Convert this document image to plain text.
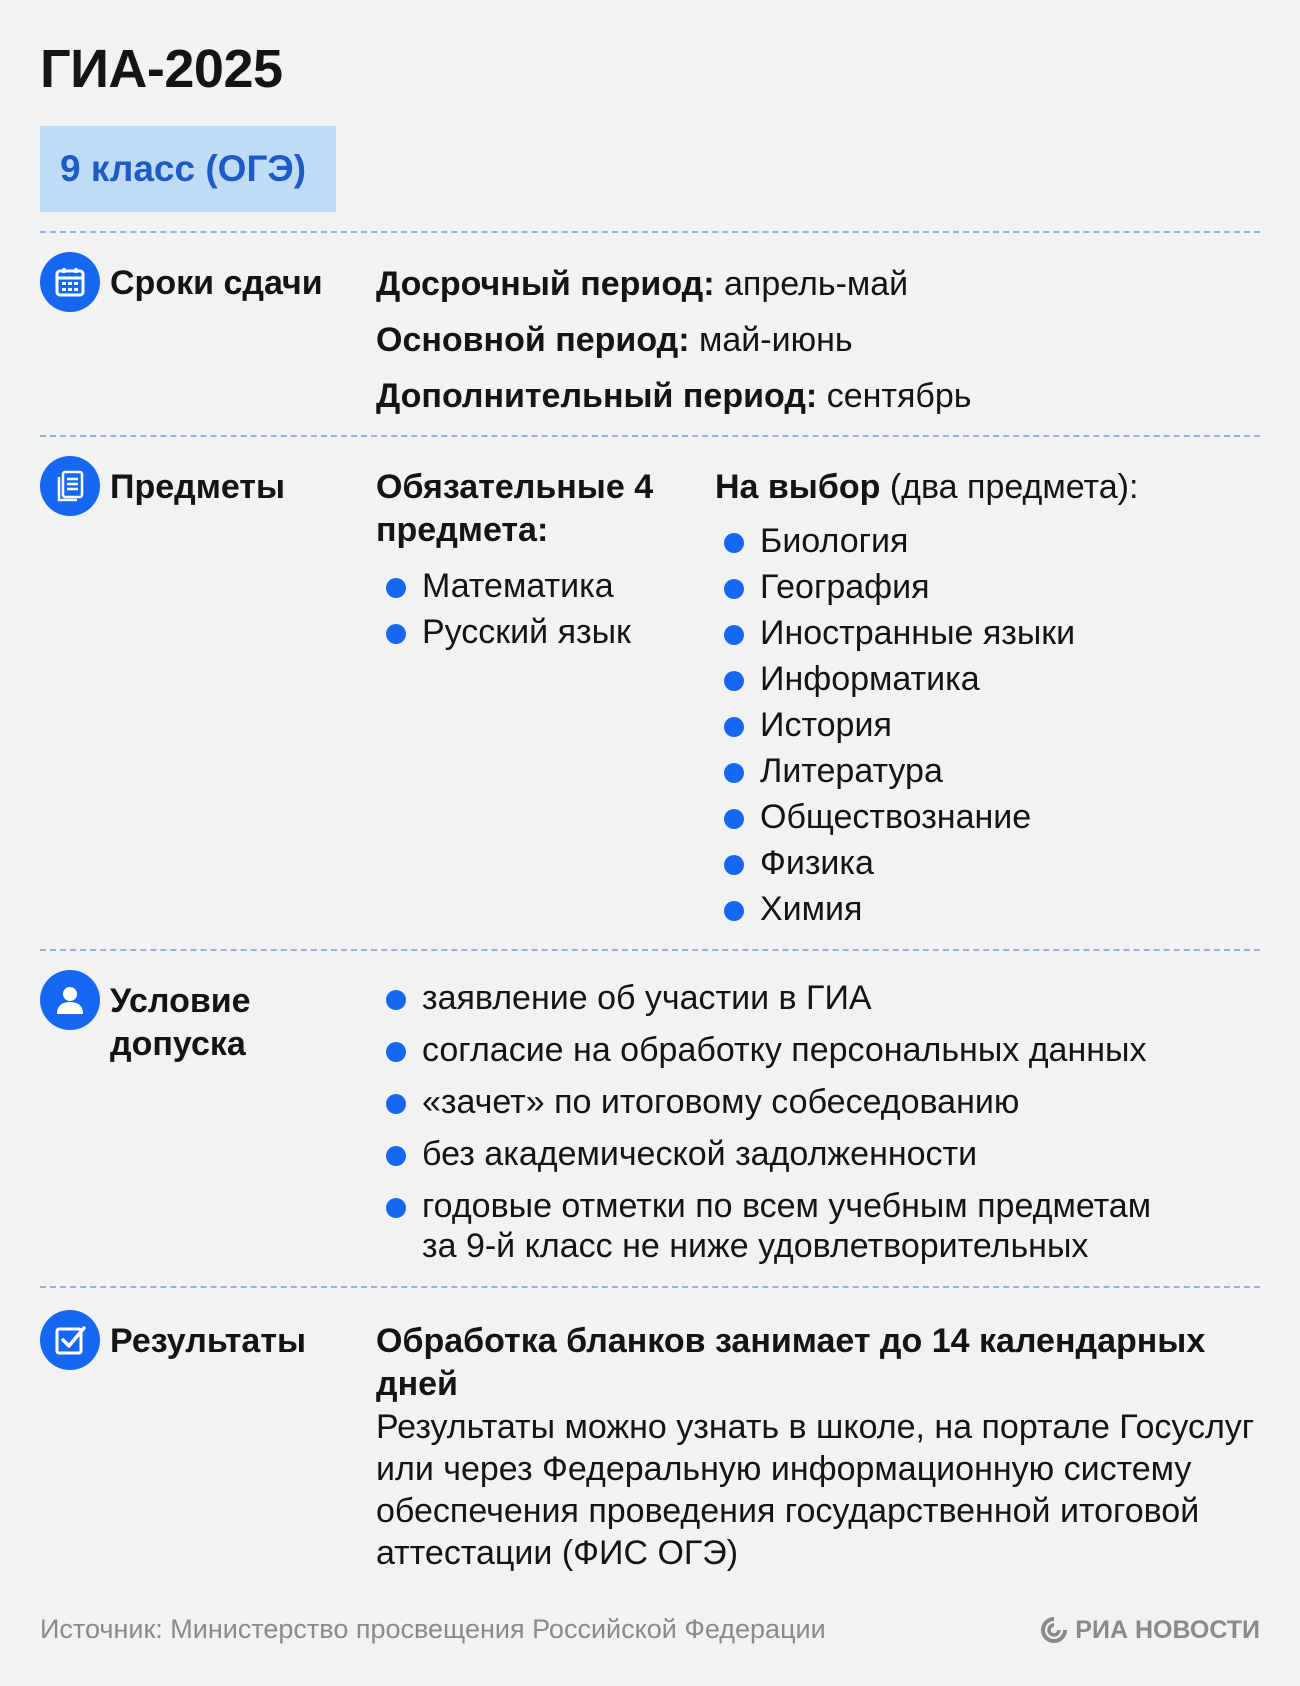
ГИА-2025
9 класс (ОГЭ)
Сроки сдачи	Досрочный период: апрель-май
Основной период: май-июнь
Дополнительный период: сентябрь
Предметы	Обязательные 4 предмета:
Математика
Русский язык
На выбор (два предмета):
Биология
География
Иностранные языки
Информатика
История
Литература
Обществознание
Физика
Химия
Условие допуска
заявление об участии в ГИА
согласие на обработку персональных данных
«зачет» по итоговому собеседованию
без академической задолженности
годовые отметки по всем учебным предметам за 9-й класс не ниже удовлетворительных
Результаты	Обработка бланков занимает до 14 календарных дней
Результаты можно узнать в школе, на портале Госуслуг или через Федеральную информационную систему обеспечения проведения государственной итоговой аттестации (ФИС ОГЭ)
Источник: Министерство просвещения Российской Федерации	РИА НОВОСТИ
